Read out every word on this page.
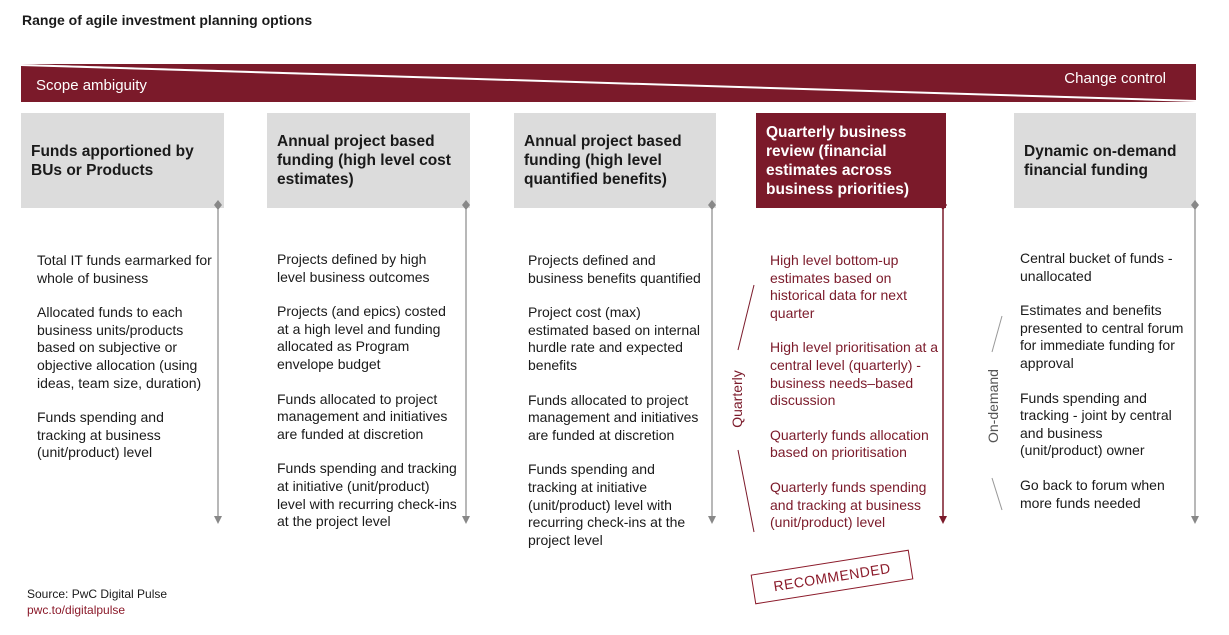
Range of agile investment planning options
Scope ambiguity	Change control
Funds apportioned by BUs or Products
Annual project based funding (high level cost estimates)
Annual project based funding (high level quantified benefits)
Quarterly business review (financial estimates across business priorities)
Dynamic on-demand financial funding

Total IT funds earmarked for whole of business

Allocated funds to each business units/products based on subjective or objective allocation (using ideas, team size, duration)

Funds spending and tracking at business (unit/product) level

Projects defined by high level business outcomes

Projects (and epics) costed at a high level and funding allocated as Program envelope budget

Funds allocated to project management and initiatives are funded at discretion

Funds spending and tracking at initiative (unit/product) level with recurring check-ins at the project level

Projects defined and business benefits quantified

Project cost (max) estimated based on internal hurdle rate and expected benefits

Funds allocated to project management and initiatives are funded at discretion

Funds spending and tracking at initiative (unit/product) level with recurring check-ins at the project level

High level bottom-up estimates based on historical data for next quarter

High level prioritisation at a central level (quarterly) - business needs–based discussion

Quarterly funds allocation based on prioritisation

Quarterly funds spending and tracking at business (unit/product) level

Central bucket of funds - unallocated

Estimates and benefits presented to central forum for immediate funding for approval

Funds spending and tracking - joint by central and business (unit/product) owner

Go back to forum when more funds needed

Quarterly	On-demand
RECOMMENDED
Source: PwC Digital Pulse
pwc.to/digitalpulse
